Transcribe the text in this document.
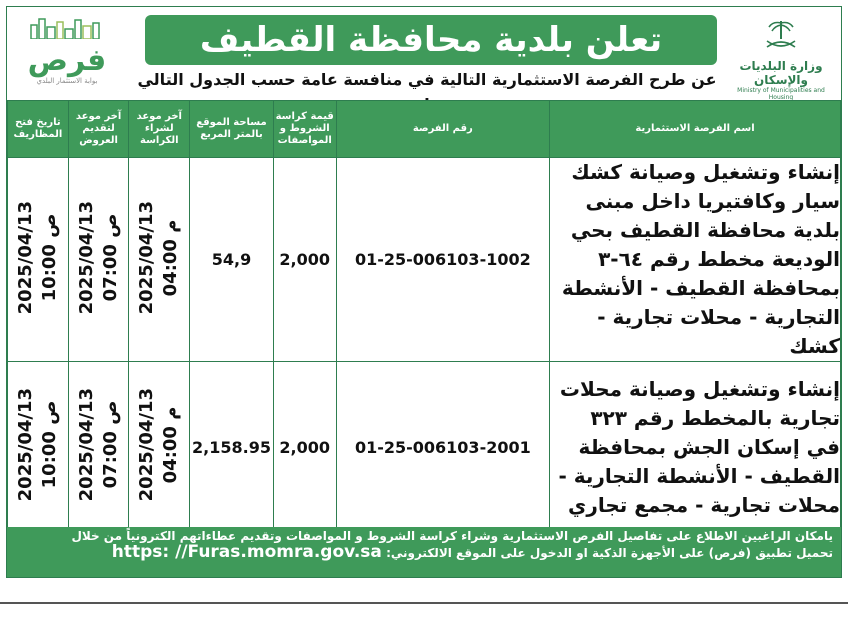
فرص
بوابة الاستثمار البلدي
تعلن بلدية محافظة القطيف
عن طرح الفرصة الاستثمارية التالية في منافسة عامة حسب الجدول التالي
وزارة البلديات والإسكان
Ministry of Municipalities and Housing
اسم الفرصة الاستثمارية	رقم الفرصة	قيمة كراسة الشروط و المواصفات	مساحة الموقع بالمتر المربع	آخر موعد لشراء الكراسة	آخر موعد لتقديم العروض	تاريخ فتح المظاريف
إنشاء وتشغيل وصيانة كشك سيار وكافتيريا داخل مبنى بلدية محافظة القطيف بحي الوديعة مخطط رقم ٦٤-٣ بمحافظة القطيف - الأنشطة التجارية - محلات تجارية - كشك	01-25-006103-1002	2,000	54,9	2025/04/13 04:00 م	2025/04/13 07:00 ص	2025/04/13 10:00 ص

إنشاء وتشغيل وصيانة محلات تجارية بالمخطط رقم ٣٢٣ في إسكان الجش بمحافظة القطيف - الأنشطة التجارية - محلات تجارية - مجمع تجاري	01-25-006103-2001	2,000	2,158.95	2025/04/13 04:00 م	2025/04/13 07:00 ص	2025/04/13 10:00 ص
يامكان الراغبين الاطلاع على تفاصيل الفرص الاستثمارية وشراء كراسة الشروط و المواصفات وتقديم عطاءاتهم الكترونياً من خلال
تحميل تطبيق (فرص) على الأجهزة الذكية او الدخول على الموقع الالكتروني: https: //Furas.momra.gov.sa
